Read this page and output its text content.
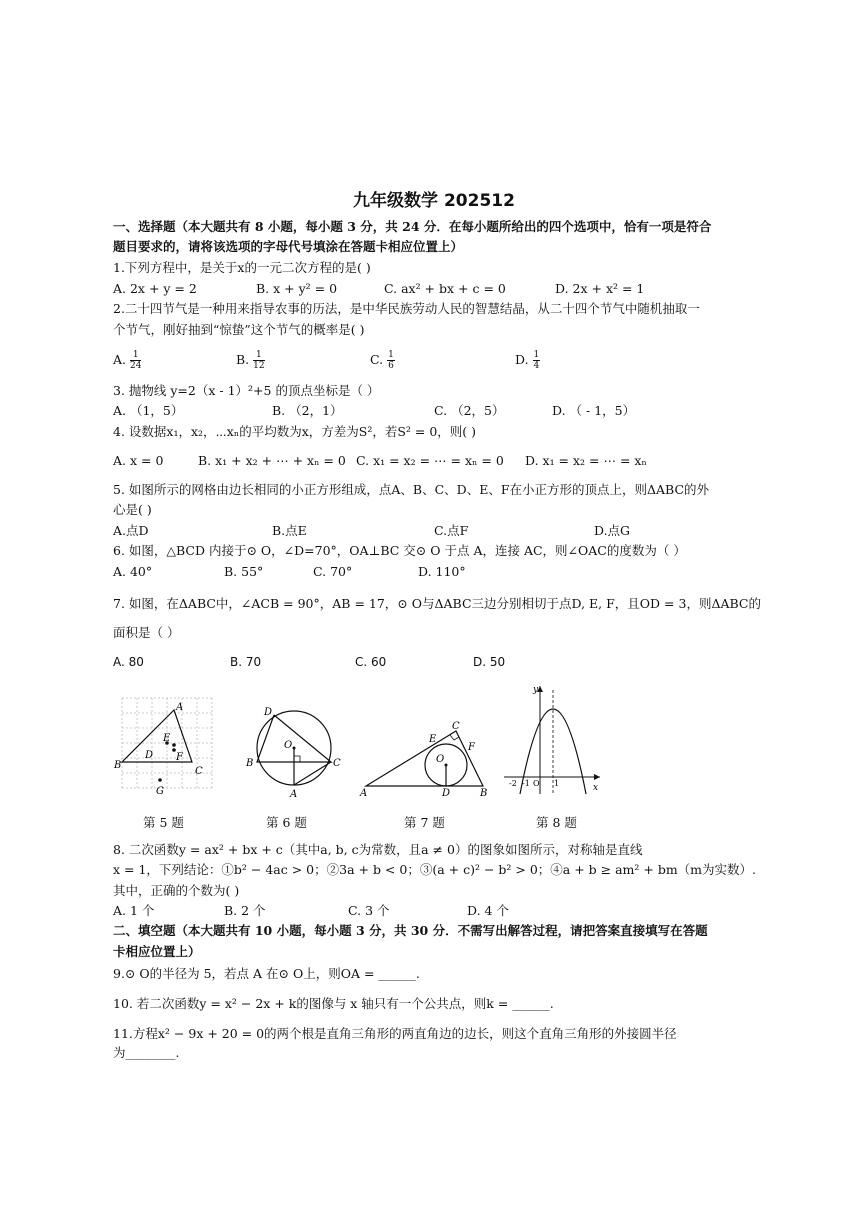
九年级数学 202512
一、选择题（本大题共有 8 小题，每小题 3 分，共 24 分．在每小题所给出的四个选项中，恰有一项是符合
题目要求的，请将该选项的字母代号填涂在答题卡相应位置上）
1.下列方程中，是关于x的一元二次方程的是( )
A. 2x + y = 2	B. x + y² = 0	C. ax² + bx + c = 0	D. 2x + x² = 1
2.二十四节气是一种用来指导农事的历法，是中华民族劳动人民的智慧结晶，从二十四个节气中随机抽取一
个节气，刚好抽到“惊蛰”这个节气的概率是( )
A. $\frac{1}{24}$	B. $\frac{1}{12}$	C. $\frac{1}{6}$	D. $\frac{1}{4}$
3. 抛物线 y=2（x - 1）²+5 的顶点坐标是（ ）
A. （1，5）	B. （2，1）	C. （2，5）	D. （ - 1，5）
4. 设数据x₁，x₂，⋯xₙ的平均数为x，方差为S²，若S² = 0，则( )
A. x = 0	B. x₁ + x₂ + ⋯ + xₙ = 0 C. x₁ = x₂ = ⋯ = xₙ = 0 D. x₁ = x₂ = ⋯ = xₙ
5. 如图所示的网格由边长相同的小正方形组成，点A、B、C、D、E、F在小正方形的顶点上，则ΔABC的外
心是( )
A.点D	B.点E	C.点F	D.点G
6. 如图，△BCD 内接于⊙ O，∠D=70°，OA⊥BC 交⊙ O 于点 A，连接 AC，则∠OAC的度数为（ ）
A. 40°	B. 55°	C. 70°	D. 110°
7. 如图，在ΔABC中，∠ACB = 90°，AB = 17，⊙ O与ΔABC三边分别相切于点D, E, F，且OD = 3，则ΔABC的
面积是（ ）
A. 80	B. 70	C. 60	D. 50
A
B
C
D
E
F
G
D
O
B	C
A
C
E
F
O
A	D	B
y
x
-2 -1 O 1
第 5 题	第 6 题	第 7 题	第 8 题
8. 二次函数y = ax² + bx + c（其中a, b, c为常数，且a ≠ 0）的图象如图所示，对称轴是直线
x = 1，下列结论：①b² − 4ac > 0；②3a + b < 0；③(a + c)² − b² > 0；④a + b ≥ am² + bm（m为实数）.
其中，正确的个数为( )
A. 1 个	B. 2 个	C. 3 个	D. 4 个
二、填空题（本大题共有 10 小题，每小题 3 分，共 30 分．不需写出解答过程，请把答案直接填写在答题
卡相应位置上）
9.⊙ O的半径为 5，若点 A 在⊙ O上，则OA = ______.
10. 若二次函数y = x² − 2x + k的图像与 x 轴只有一个公共点，则k = ______.
11.方程x² − 9x + 20 = 0的两个根是直角三角形的两直角边的边长，则这个直角三角形的外接圆半径
为________.
